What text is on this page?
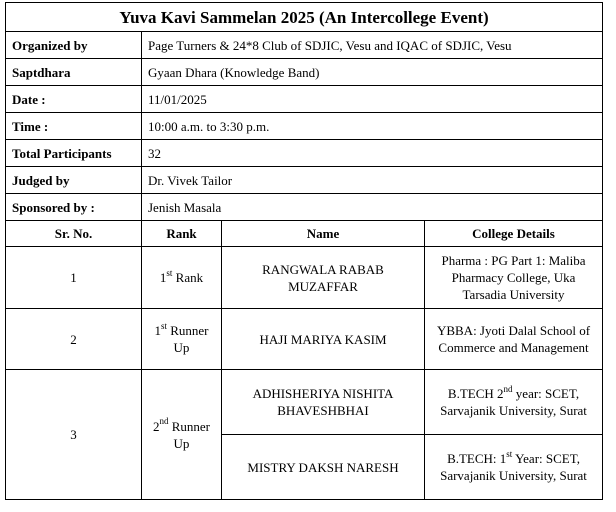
Yuva Kavi Sammelan 2025 (An Intercollege Event)			
Organized by	Page Turners & 24*8 Club of SDJIC, Vesu and IQAC of SDJIC, Vesu		
Saptdhara	Gyaan Dhara (Knowledge Band)		
Date :	11/01/2025		
Time :	10:00 a.m. to 3:30 p.m.		
Total Participants	32		
Judged by	Dr. Vivek Tailor		
Sponsored by :	Jenish Masala		
Sr. No.	Rank	Name	College Details
1	1st Rank	RANGWALA RABAB MUZAFFAR	Pharma : PG Part 1: Maliba Pharmacy College, Uka Tarsadia University
2	1st Runner Up	HAJI MARIYA KASIM	YBBA: Jyoti Dalal School of Commerce and Management
3	2nd Runner Up	ADHISHERIYA NISHITA BHAVESHBHAI	B.TECH 2nd year: SCET, Sarvajanik University, Surat
		MISTRY DAKSH NARESH	B.TECH: 1st Year: SCET, Sarvajanik University, Surat
